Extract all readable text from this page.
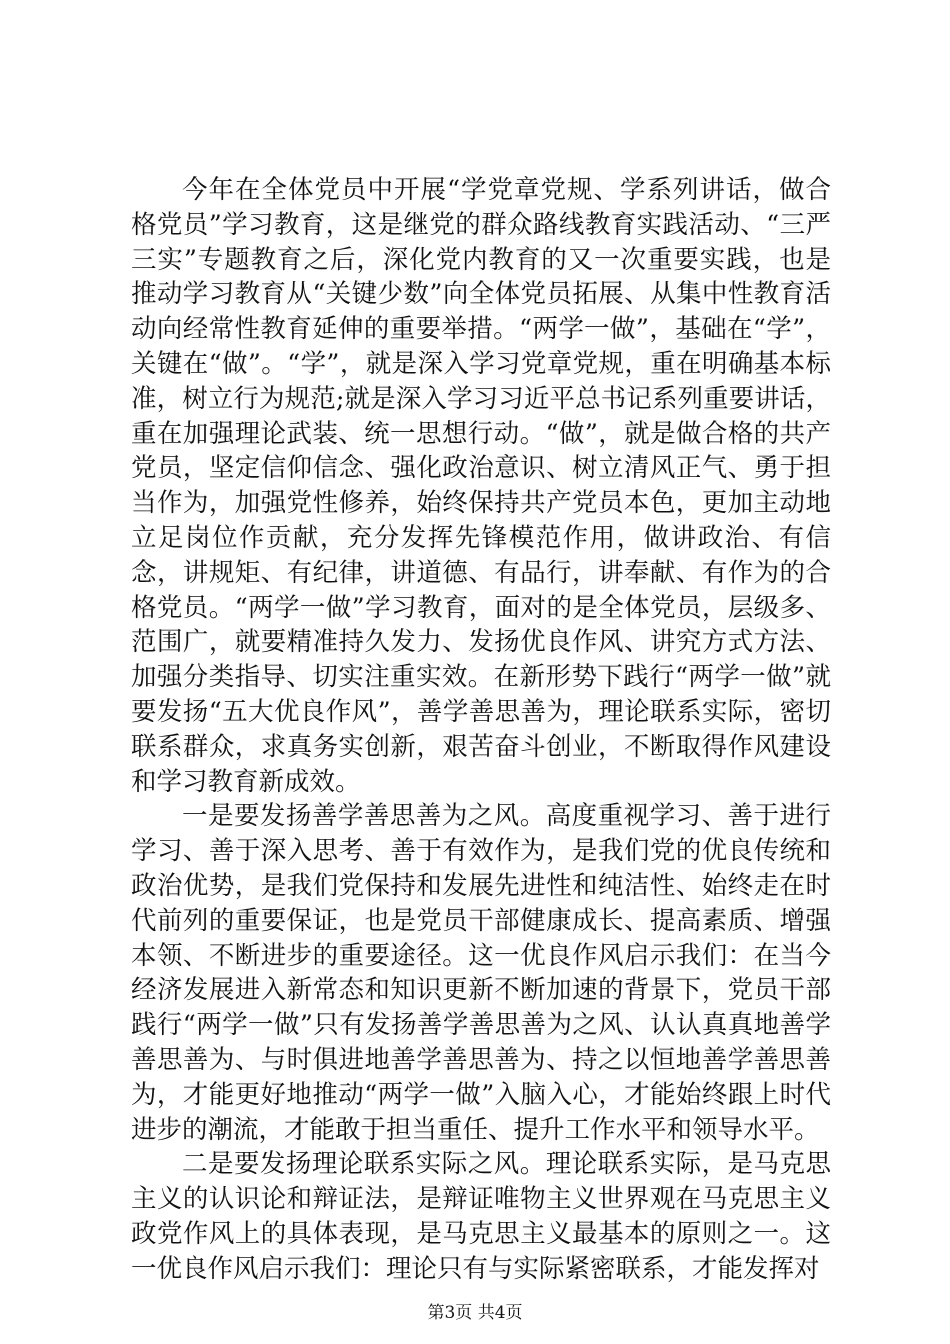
今年在全体党员中开展“学党章党规、学系列讲话，做合格党员”学习教育，这是继党的群众路线教育实践活动、“三严三实”专题教育之后，深化党内教育的又一次重要实践，也是推动学习教育从“关键少数”向全体党员拓展、从集中性教育活动向经常性教育延伸的重要举措。“两学一做”，基础在“学”，关键在“做”。“学”，就是深入学习党章党规，重在明确基本标准，树立行为规范;就是深入学习习近平总书记系列重要讲话，重在加强理论武装、统一思想行动。“做”，就是做合格的共产党员，坚定信仰信念、强化政治意识、树立清风正气、勇于担当作为，加强党性修养，始终保持共产党员本色，更加主动地立足岗位作贡献，充分发挥先锋模范作用，做讲政治、有信念，讲规矩、有纪律，讲道德、有品行，讲奉献、有作为的合格党员。“两学一做”学习教育，面对的是全体党员，层级多、范围广，就要精准持久发力、发扬优良作风、讲究方式方法、加强分类指导、切实注重实效。在新形势下践行“两学一做”就要发扬“五大优良作风”，善学善思善为，理论联系实际，密切联系群众，求真务实创新，艰苦奋斗创业，不断取得作风建设和学习教育新成效。

一是要发扬善学善思善为之风。高度重视学习、善于进行学习、善于深入思考、善于有效作为，是我们党的优良传统和政治优势，是我们党保持和发展先进性和纯洁性、始终走在时代前列的重要保证，也是党员干部健康成长、提高素质、增强本领、不断进步的重要途径。这一优良作风启示我们：在当今经济发展进入新常态和知识更新不断加速的背景下，党员干部践行“两学一做”只有发扬善学善思善为之风、认认真真地善学善思善为、与时俱进地善学善思善为、持之以恒地善学善思善为，才能更好地推动“两学一做”入脑入心，才能始终跟上时代进步的潮流，才能敢于担当重任、提升工作水平和领导水平。

二是要发扬理论联系实际之风。理论联系实际，是马克思主义的认识论和辩证法，是辩证唯物主义世界观在马克思主义政党作风上的具体表现，是马克思主义最基本的原则之一。这一优良作风启示我们：理论只有与实际紧密联系，才能发挥对

第3页 共4页
